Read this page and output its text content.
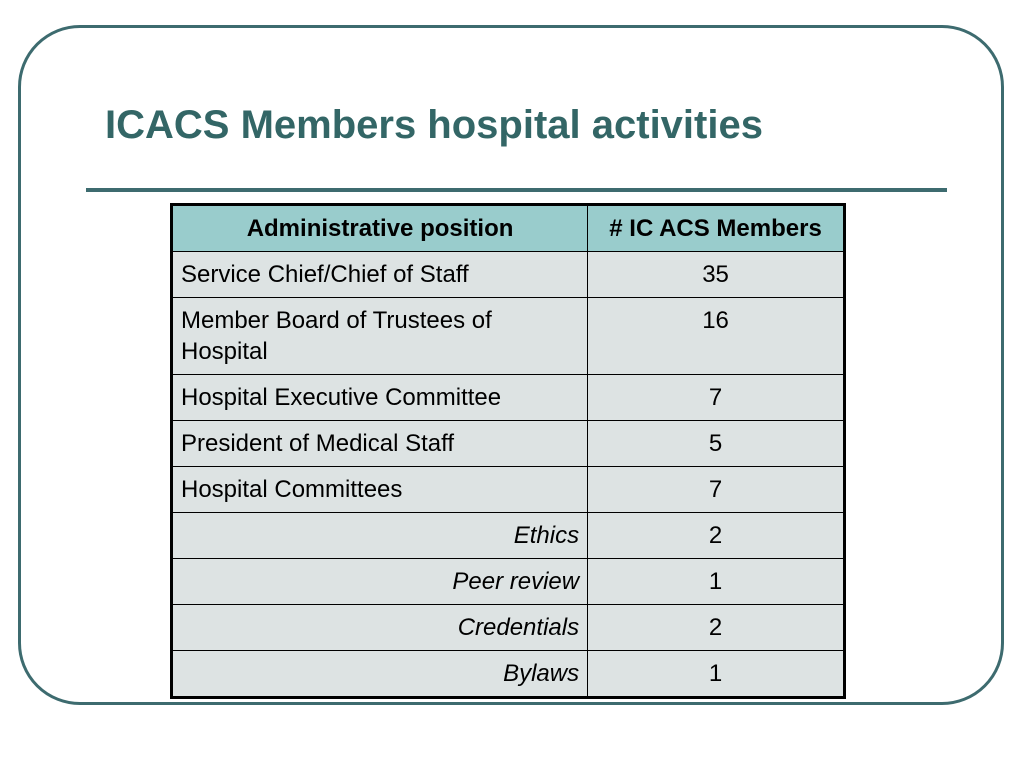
ICACS Members hospital activities
Administrative position	# IC ACS Members
Service Chief/Chief of Staff	35
Member Board of Trustees of Hospital	16
Hospital Executive Committee	7
President of Medical Staff	5
Hospital Committees	7
Ethics	2
Peer review	1
Credentials	2
Bylaws	1
